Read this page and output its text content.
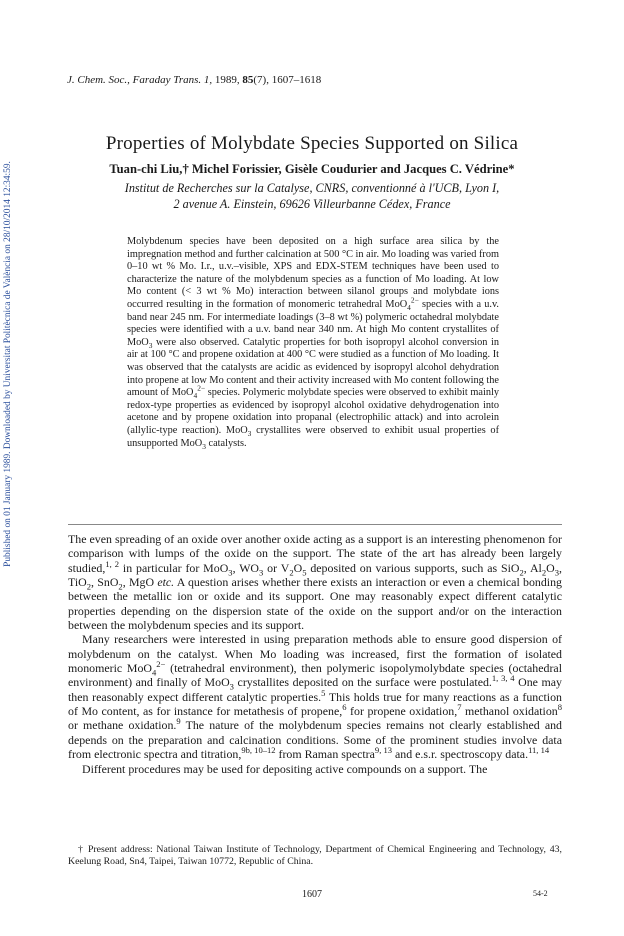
Published on 01 January 1989. Downloaded by Universitat Politècnica de València on 28/10/2014 12:34:59.
J. Chem. Soc., Faraday Trans. 1, 1989, 85(7), 1607–1618
Properties of Molybdate Species Supported on Silica
Tuan-chi Liu,† Michel Forissier, Gisèle Coudurier and Jacques C. Védrine*
Institut de Recherches sur la Catalyse, CNRS, conventionné à l'UCB, Lyon I,
2 avenue A. Einstein, 69626 Villeurbanne Cédex, France

Molybdenum species have been deposited on a high surface area silica by the impregnation method and further calcination at 500 °C in air. Mo loading was varied from 0–10 wt % Mo. I.r., u.v.–visible, XPS and EDX-STEM techniques have been used to characterize the nature of the molybdenum species as a function of Mo loading. At low Mo content (< 3 wt % Mo) interaction between silanol groups and molybdate ions occurred resulting in the formation of monomeric tetrahedral MoO$_4^{2-}$ species with a u.v. band near 245 nm. For intermediate loadings (3–8 wt %) polymeric octahedral molybdate species were identified with a u.v. band near 340 nm. At high Mo content crystallites of MoO$_3$ were also observed. Catalytic properties for both isopropyl alcohol conversion in air at 100 °C and propene oxidation at 400 °C were studied as a function of Mo loading. It was observed that the catalysts are acidic as evidenced by isopropyl alcohol dehydration into propene at low Mo content and their activity increased with Mo content following the amount of MoO$_4^{2-}$ species. Polymeric molybdate species were observed to exhibit mainly redox-type properties as evidenced by isopropyl alcohol oxidative dehydrogenation into acetone and by propene oxidation into propanal (electrophilic attack) and into acrolein (allylic-type reaction). MoO$_3$ crystallites were observed to exhibit usual properties of unsupported MoO$_3$ catalysts.

The even spreading of an oxide over another oxide acting as a support is an interesting phenomenon for comparison with lumps of the oxide on the support. The state of the art has already been largely studied,$^{1, 2}$ in particular for MoO$_3$, $WO_3$ or $V_2O_5$ deposited on various supports, such as SiO$_2$, $Al_2O_3$, TiO$_2$, SnO$_2$, MgO etc. A question arises whether there exists an interaction or even a chemical bonding between the metallic ion or oxide and its support. One may reasonably expect different catalytic properties depending on the dispersion state of the oxide on the support and/or on the interaction between the molybdenum species and its support.

Many researchers were interested in using preparation methods able to ensure good dispersion of molybdenum on the catalyst. When Mo loading was increased, first the formation of isolated monomeric MoO$_4^{2-}$ (tetrahedral environment), then polymeric isopolymolybdate species (octahedral environment) and finally of MoO$_3$ crystallites deposited on the surface were postulated.$^{1, 3, 4}$ One may then reasonably expect different catalytic properties.$^5$ This holds true for many reactions as a function of Mo content, as for instance for metathesis of propene,$^6$ for propene oxidation,$^7$ methanol oxidation$^8$ or methane oxidation.$^9$ The nature of the molybdenum species remains not clearly established and depends on the preparation and calcination conditions. Some of the prominent studies involve data from electronic spectra and titration,$^{9b, 10-12}$ from Raman spectra$^{9, 13}$ and e.s.r. spectroscopy data.$^{11, 14}$

Different procedures may be used for depositing active compounds on a support. The

† Present address: National Taiwan Institute of Technology, Department of Chemical Engineering and Technology, 43, Keelung Road, Sn4, Taipei, Taiwan 10772, Republic of China.

1607	54-2
